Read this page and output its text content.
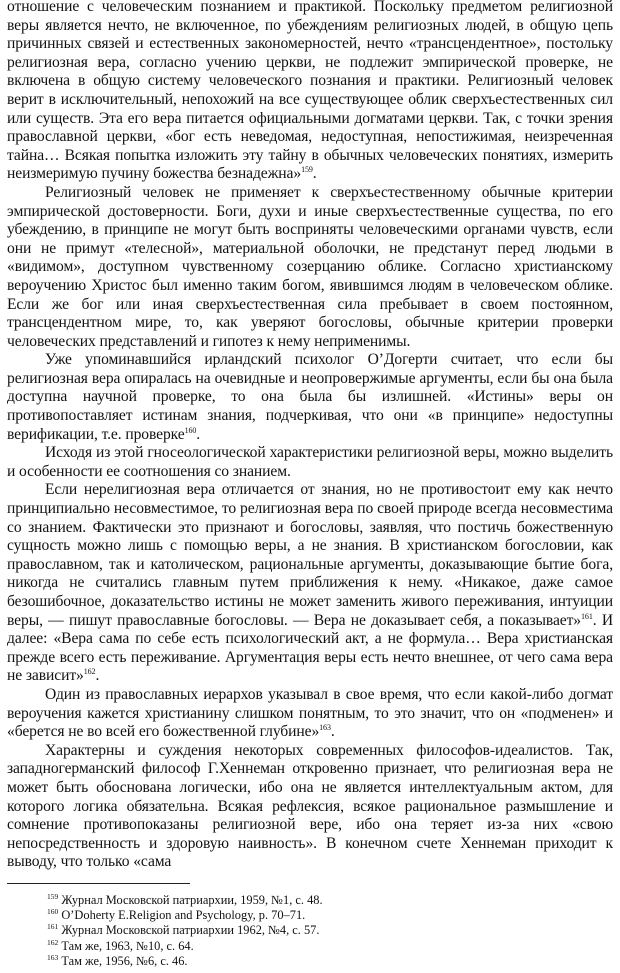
отношение с человеческим познанием и практикой. Поскольку предметом религиозной веры является нечто, не включенное, по убеждениям религиозных людей, в общую цепь причинных связей и естественных закономерностей, нечто «трансцендентное», постольку религиозная вера, согласно учению церкви, не подлежит эмпирической проверке, не включена в общую систему человеческого познания и практики. Религиозный человек верит в исключительный, непохожий на все существующее облик сверхъестественных сил или существ. Эта его вера питается официальными догматами церкви. Так, с точки зрения православной церкви, «бог есть неведомая, недоступная, непостижимая, неизреченная тайна… Всякая попытка изложить эту тайну в обычных человеческих понятиях, измерить неизмеримую пучину божества безнадежна»$^{159}$.

Религиозный человек не применяет к сверхъестественному обычные критерии эмпирической достоверности. Боги, духи и иные сверхъестественные существа, по его убеждению, в принципе не могут быть восприняты человеческими органами чувств, если они не примут «телесной», материальной оболочки, не предстанут перед людьми в «видимом», доступном чувственному созерцанию облике. Согласно христианскому вероучению Христос был именно таким богом, явившимся людям в человеческом облике. Если же бог или иная сверхъестественная сила пребывает в своем постоянном, трансцендентном мире, то, как уверяют богословы, обычные критерии проверки человеческих представлений и гипотез к нему неприменимы.

Уже упоминавшийся ирландский психолог О’Догерти считает, что если бы религиозная вера опиралась на очевидные и неопровержимые аргументы, если бы она была доступна научной проверке, то она была бы излишней. «Истины» веры он противопоставляет истинам знания, подчеркивая, что они «в принципе» недоступны верификации, т.е. проверке$^{160}$.

Исходя из этой гносеологической характеристики религиозной веры, можно выделить и особенности ее соотношения со знанием.

Если нерелигиозная вера отличается от знания, но не противостоит ему как нечто принципиально несовместимое, то религиозная вера по своей природе всегда несовместима со знанием. Фактически это признают и богословы, заявляя, что постичь божественную сущность можно лишь с помощью веры, а не знания. В христианском богословии, как православном, так и католическом, рациональные аргументы, доказывающие бытие бога, никогда не считались главным путем приближения к нему. «Никакое, даже самое безошибочное, доказательство истины не может заменить живого переживания, интуиции веры, — пишут православные богословы. — Вера не доказывает себя, а показывает»$^{161}$. И далее: «Вера сама по себе есть психологический акт, а не формула… Вера христианская прежде всего есть переживание. Аргументация веры есть нечто внешнее, от чего сама вера не зависит»$^{162}$.

Один из православных иерархов указывал в свое время, что если какой-либо догмат вероучения кажется христианину слишком понятным, то это значит, что он «подменен» и «берется не во всей его божественной глубине»$^{163}$.

Характерны и суждения некоторых современных философов-идеалистов. Так, западногерманский философ Г.Хеннеман откровенно признает, что религиозная вера не может быть обоснована логически, ибо она не является интеллектуальным актом, для которого логика обязательна. Всякая рефлексия, всякое рациональное размышление и сомнение противопоказаны религиозной вере, ибо она теряет из-за них «свою непосредственность и здоровую наивность». В конечном счете Хеннеман приходит к выводу, что только «сама

$^{159}$ Журнал Московской патриархии, 1959, №1, с. 48.
$^{160}$ O’Doherty E.Religion and Psychology, p. 70–71.
$^{161}$ Журнал Московской патриархии 1962, №4, с. 57.
$^{162}$ Там же, 1963, №10, с. 64.
$^{163}$ Там же, 1956, №6, с. 46.
